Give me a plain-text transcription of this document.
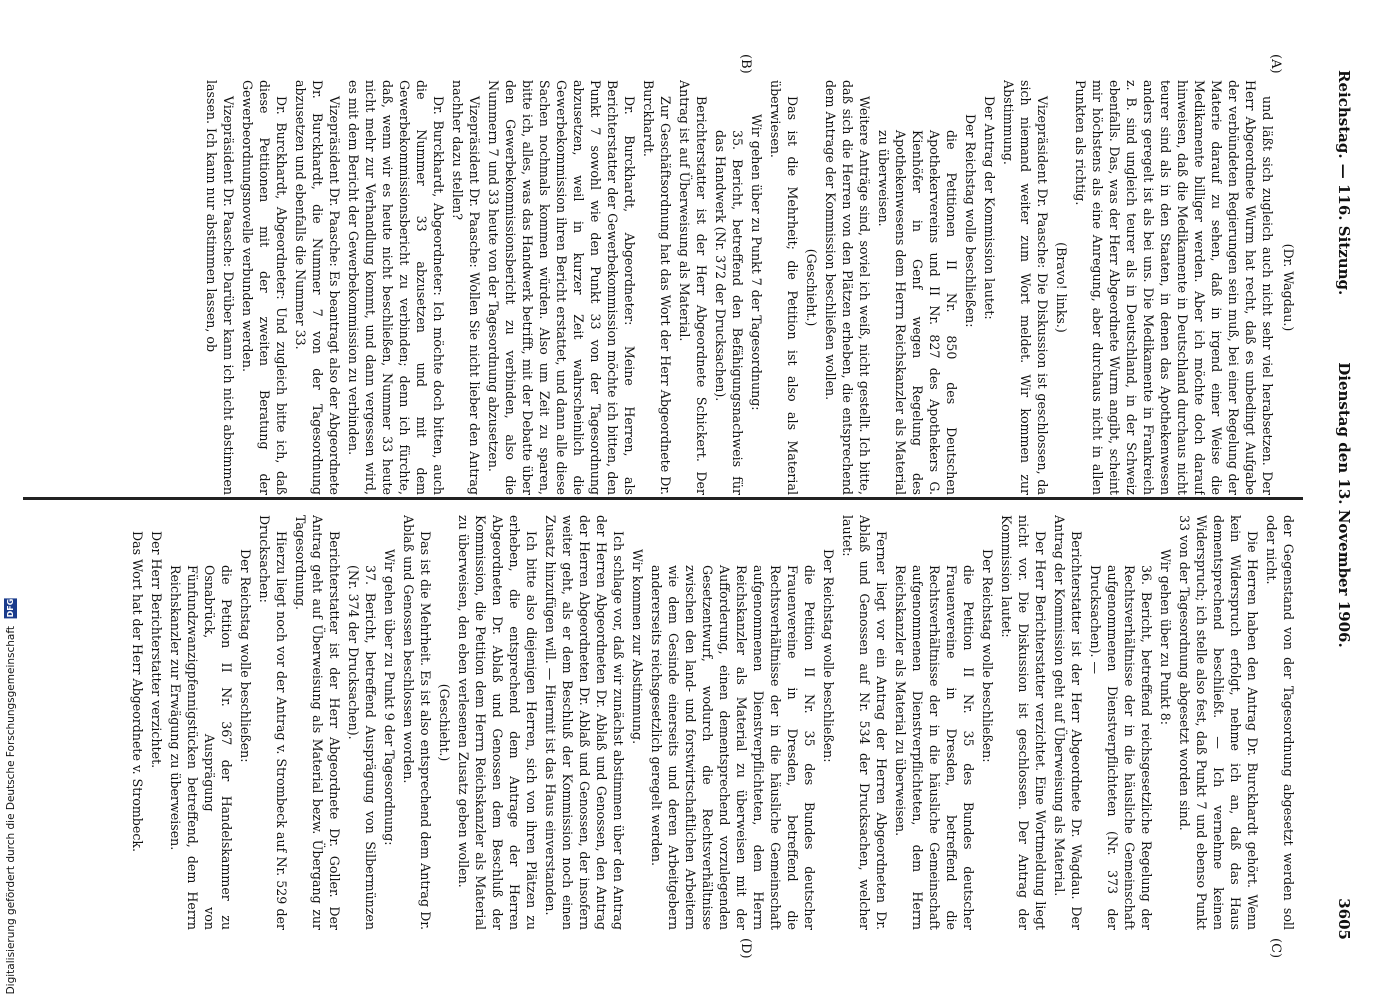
Reichstag. — 116. Sitzung.
Dienstag den 13. November 1906.
3605
(A)
(B)
(C)
(D)

(Dr. Wagdau.)

und läßt sich zugleich auch nicht sehr viel herabsetzen. Der Herr Abgeordnete Wurm hat recht, daß es unbedingt Aufgabe der verbündeten Regierungen sein muß, bei einer Regelung der Materie darauf zu sehen, daß in irgend einer Weise die Medikamente billiger werden. Aber ich möchte doch darauf hinweisen, daß die Medikamente in Deutschland durchaus nicht teurer sind als in den Staaten, in denen das Apothekenwesen anders geregelt ist als bei uns. Die Medikamente in Frankreich z. B. sind ungleich teurer als in Deutschland, in der Schweiz ebenfalls. Das, was der Herr Abgeordnete Wurm angibt, scheint mir höchstens als eine Anregung, aber durchaus nicht in allen Punkten als richtig.

(Bravo! links.)

Vizepräsident Dr. Paasche: Die Diskussion ist geschlossen, da sich niemand weiter zum Wort meldet. Wir kommen zur Abstimmung.

Der Antrag der Kommission lautet:

Der Reichstag wolle beschließen:

die Petitionen II Nr. 850 des Deutschen Apothekervereins und II Nr. 827 des Apothekers G. Kienhöfer in Genf wegen Regelung des Apothekenwesens dem Herrn Reichskanzler als Material zu überweisen.

Weitere Anträge sind, soviel ich weiß, nicht gestellt. Ich bitte, daß sich die Herren von den Plätzen erheben, die entsprechend dem Antrage der Kommission beschließen wollen.

(Geschieht.)

Das ist die Mehrheit; die Petition ist also als Material überwiesen.

Wir gehen über zu Punkt 7 der Tagesordnung:

35. Bericht, betreffend den Befähigungsnachweis für das Handwerk (Nr. 372 der Drucksachen).

Berichterstatter ist der Herr Abgeordnete Schickert. Der Antrag ist auf Überweisung als Material.

Zur Geschäftsordnung hat das Wort der Herr Abgeordnete Dr. Burckhardt.

Dr. Burckhardt, Abgeordneter: Meine Herren, als Berichterstatter der Gewerbekommission möchte ich bitten, den Punkt 7 sowohl wie den Punkt 33 von der Tagesordnung abzusetzen, weil in kurzer Zeit wahrscheinlich die Gewerbekommission ihren Bericht erstattet, und dann alle diese Sachen nochmals kommen würden. Also um Zeit zu sparen, bitte ich, alles, was das Handwerk betrifft, mit der Debatte über den Gewerbekommissionsbericht zu verbinden, also die Nummern 7 und 33 heute von der Tagesordnung abzusetzen.

Vizepräsident Dr. Paasche: Wollen Sie nicht lieber den Antrag nachher dazu stellen?

Dr. Burckhardt, Abgeordneter: Ich möchte doch bitten, auch die Nummer 33 abzusetzen und mit dem Gewerbekommissionsbericht zu verbinden; denn ich fürchte, daß, wenn wir es heute nicht beschließen, Nummer 33 heute nicht mehr zur Verhandlung kommt, und dann vergessen wird, es mit dem Bericht der Gewerbekommission zu verbinden.

Vizepräsident Dr. Paasche: Es beantragt also der Abgeordnete Dr. Burckhardt, die Nummer 7 von der Tagesordnung abzusetzen und ebenfalls die Nummer 33.

Dr. Burckhardt, Abgeordneter: Und zugleich bitte ich, daß diese Petitionen mit der zweiten Beratung der Gewerbeordnungsnovelle verbunden werden.

Vizepräsident Dr. Paasche: Darüber kann ich nicht abstimmen lassen. Ich kann nur abstimmen lassen, ob

der Gegenstand von der Tagesordnung abgesetzt werden soll oder nicht.

Die Herren haben den Antrag Dr. Burckhardt gehört. Wenn kein Widerspruch erfolgt, nehme ich an, daß das Haus dementsprechend beschließt. — Ich vernehme keinen Widerspruch; ich stelle also fest, daß Punkt 7 und ebenso Punkt 33 von der Tagesordnung abgesetzt worden sind.

Wir gehen über zu Punkt 8:

36. Bericht, betreffend reichsgesetzliche Regelung der Rechtsverhältnisse der in die häusliche Gemeinschaft aufgenommenen Dienstverpflichteten (Nr. 373 der Drucksachen). —

Berichterstatter ist der Herr Abgeordnete Dr. Wagdau. Der Antrag der Kommission geht auf Überweisung als Material.

Der Herr Berichterstatter verzichtet. Eine Wortmeldung liegt nicht vor. Die Diskussion ist geschlossen. Der Antrag der Kommission lautet:

Der Reichstag wolle beschließen:

die Petition II Nr. 35 des Bundes deutscher Frauenvereine in Dresden, betreffend die Rechtsverhältnisse der in die häusliche Gemeinschaft aufgenommenen Dienstverpflichteten, dem Herrn Reichskanzler als Material zu überweisen.

Ferner liegt vor ein Antrag der Herren Abgeordneten Dr. Ablaß und Genossen auf Nr. 534 der Drucksachen, welcher lautet:

Der Reichstag wolle beschließen:

die Petition II Nr. 35 des Bundes deutscher Frauenvereine in Dresden, betreffend die Rechtsverhältnisse der in die häusliche Gemeinschaft aufgenommenen Dienstverpflichteten, dem Herrn Reichskanzler als Material zu überweisen mit der Aufforderung, einen dementsprechend vorzulegenden Gesetzentwurf, wodurch die Rechtsverhältnisse zwischen den land- und forstwirtschaftlichen Arbeitern wie dem Gesinde einerseits und deren Arbeitgebern andererseits reichsgesetzlich geregelt werden.

Wir kommen zur Abstimmung.

Ich schlage vor, daß wir zunächst abstimmen über den Antrag der Herren Abgeordneten Dr. Ablaß und Genossen, den Antrag der Herren Abgeordneten Dr. Ablaß und Genossen, der insofern weiter geht, als er dem Beschluß der Kommission noch einen Zusatz hinzufügen will. — Hiermit ist das Haus einverstanden.

Ich bitte also diejenigen Herren, sich von ihren Plätzen zu erheben, die entsprechend dem Antrage der Herren Abgeordneten Dr. Ablaß und Genossen dem Beschluß der Kommission, die Petition dem Herrn Reichskanzler als Material zu überweisen, den eben verlesenen Zusatz geben wollen.

(Geschieht.)

Das ist die Mehrheit. Es ist also entsprechend dem Antrag Dr. Ablaß und Genossen beschlossen worden.

Wir gehen über zu Punkt 9 der Tagesordnung:

37. Bericht, betreffend Ausprägung von Silbermünzen (Nr. 374 der Drucksachen).

Berichterstatter ist der Herr Abgeordnete Dr. Goller. Der Antrag geht auf Überweisung als Material bezw. Übergang zur Tagesordnung.

Hierzu liegt noch vor der Antrag v. Strombeck auf Nr. 529 der Drucksachen:

Der Reichstag wolle beschließen:

die Petition II Nr. 367 der Handelskammer zu Osnabrück, Ausprägung von Fünfundzwanzigpfennigstücken betreffend, dem Herrn Reichskanzler zur Erwägung zu überweisen.

Der Herr Berichterstatter verzichtet.

Das Wort hat der Herr Abgeordnete v. Strombeck.

Digitalisierung gefördert durch die Deutsche Forschungsgemeinschaft DFG
